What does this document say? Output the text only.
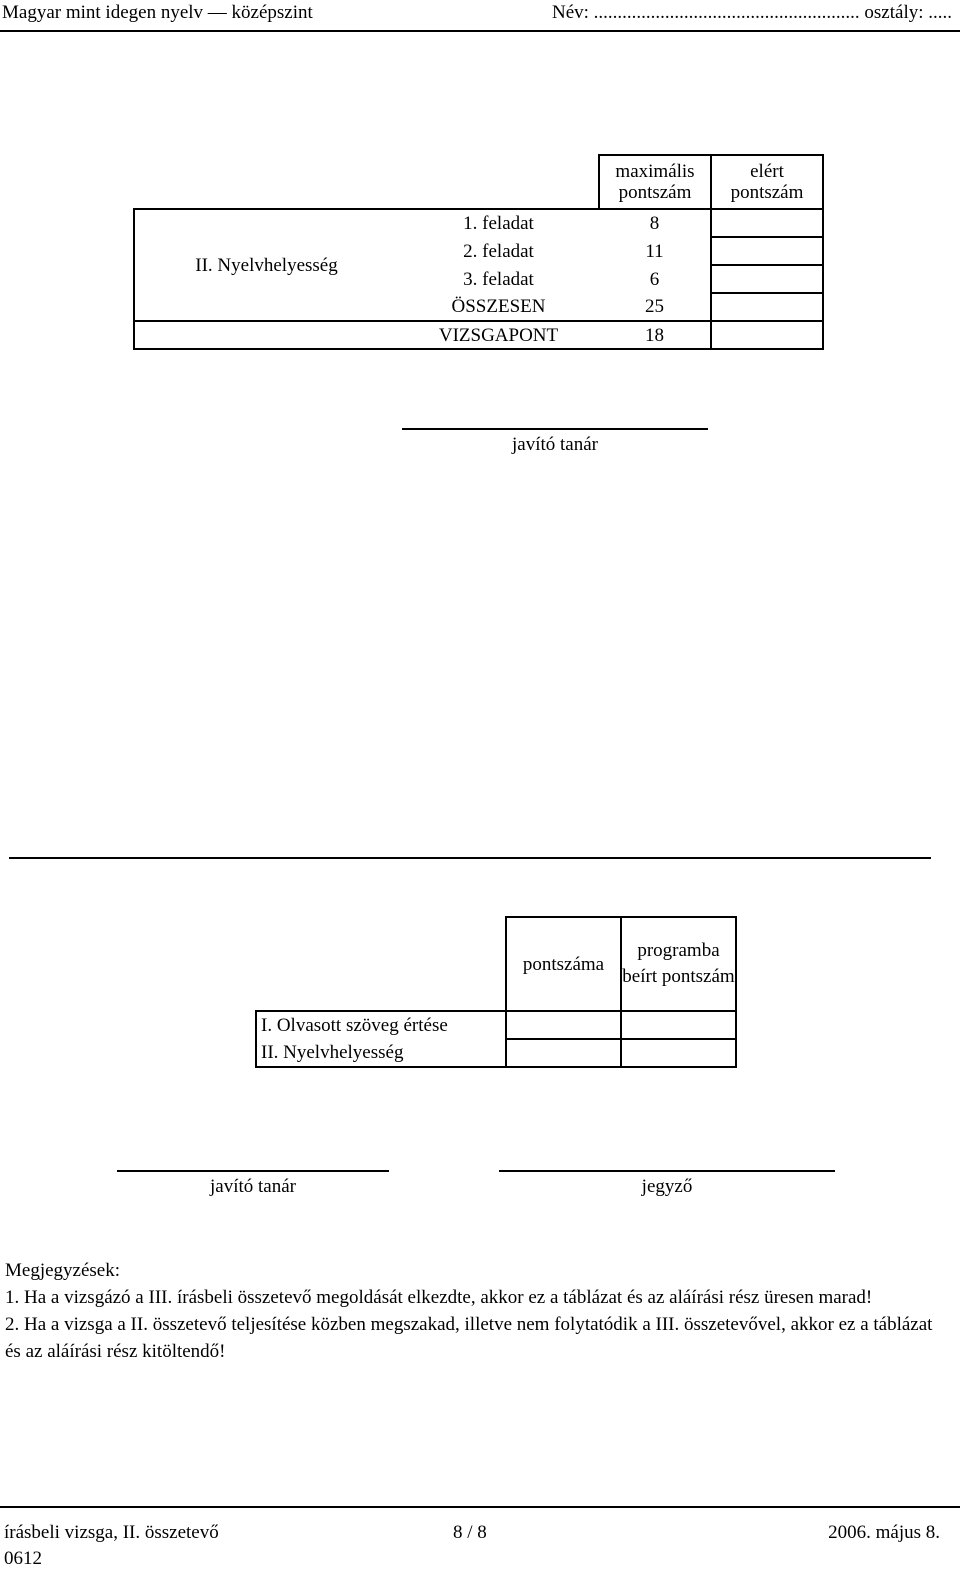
Magyar mint idegen nyelv — középszint	Név: ........................................................ osztály: .....
		maximális pontszám	elért pontszám
II. Nyelvhelyesség	1. feladat	8	
	2. feladat	11	
	3. feladat	6	
	ÖSSZESEN	25	
	VIZSGAPONT	18	
javító tanár
	pontszáma	programba beírt pontszám
I. Olvasott szöveg értése		
II. Nyelvhelyesség		
javító tanár	jegyző

Megjegyzések:

1. Ha a vizsgázó a III. írásbeli összetevő megoldását elkezdte, akkor ez a táblázat és az aláírási rész üresen marad!

2. Ha a vizsga a II. összetevő teljesítése közben megszakad, illetve nem folytatódik a III. összetevővel, akkor ez a táblázat és az aláírási rész kitöltendő!

írásbeli vizsga, II. összetevő	8 / 8	2006. május 8.
0612
